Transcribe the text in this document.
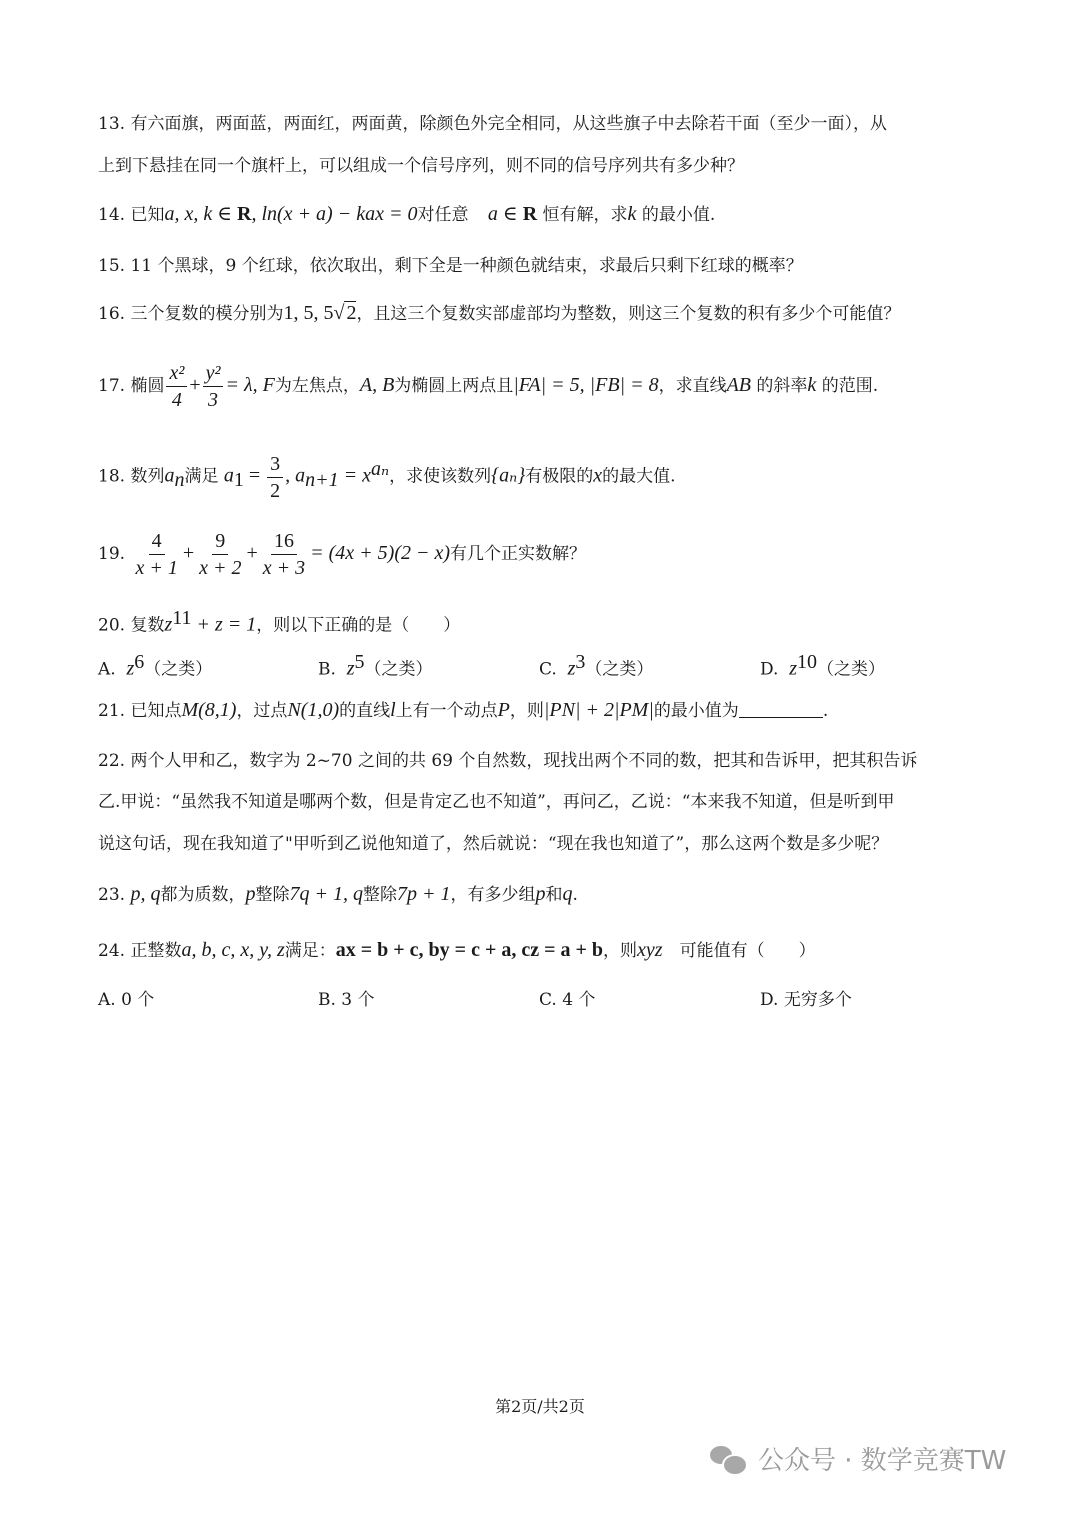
13. 有六面旗，两面蓝，两面红，两面黄，除颜色外完全相同，从这些旗子中去除若干面（至少一面），从
上到下悬挂在同一个旗杆上，可以组成一个信号序列，则不同的信号序列共有多少种？
14. 已知a, x, k ∈ R, ln(x + a) − kax = 0对任意 a ∈ R 恒有解，求k 的最小值.
15. 11 个黑球，9 个红球，依次取出，剩下全是一种颜色就结束，求最后只剩下红球的概率？
16. 三个复数的模分别为1, 5, 5√ 2，且这三个复数实部虚部均为整数，则这三个复数的积有多少个可能值？
17. 椭圆 $\frac{\text{x²}}{4} + \frac{\text{y²}}{3} = \lambda$, F为左焦点，A, B为椭圆上两点且|FA| = 5, |FB| = 8，求直线AB 的斜率k 的范围.
18. 数列$a_n$满足 $a_1 = \frac{3}{2}$ , $a_{n+1} = x^{a_n}$，求使该数列{aₙ}有极限的x的最大值.
19. $\frac{4}{x + 1} + \frac{9}{x + 2} + \frac{16}{x + 3} = (4x + 5)(2 - x)$有几个正实数解？
20. 复数$z^{11} + z = 1$，则以下正确的是（　　）
A. $z^6$（之类）	B. $z^5$（之类）	C. $z^3$（之类）	D. $z^{10}$（之类）
21. 已知点M(8,1)，过点N(1,0)的直线l上有一个动点P，则|PN| + 2|PM|的最小值为	.
22. 两个人甲和乙，数字为 2~70 之间的共 69 个自然数，现找出两个不同的数，把其和告诉甲，把其积告诉
乙.甲说：“虽然我不知道是哪两个数，但是肯定乙也不知道”，再问乙，乙说：“本来我不知道，但是听到甲
说这句话，现在我知道了"甲听到乙说他知道了，然后就说：“现在我也知道了”，那么这两个数是多少呢？
23. p, q都为质数，p整除7q + 1, q整除7p + 1，有多少组p和q.
24. 正整数a, b, c, x, y, z满足：ax = b + c, by = c + a, cz = a + b，则xyz　可能值有（　　）
A. 0 个	B. 3 个	C. 4 个	D. 无穷多个
第2页/共2页
公众号 · 数学竞赛TW
